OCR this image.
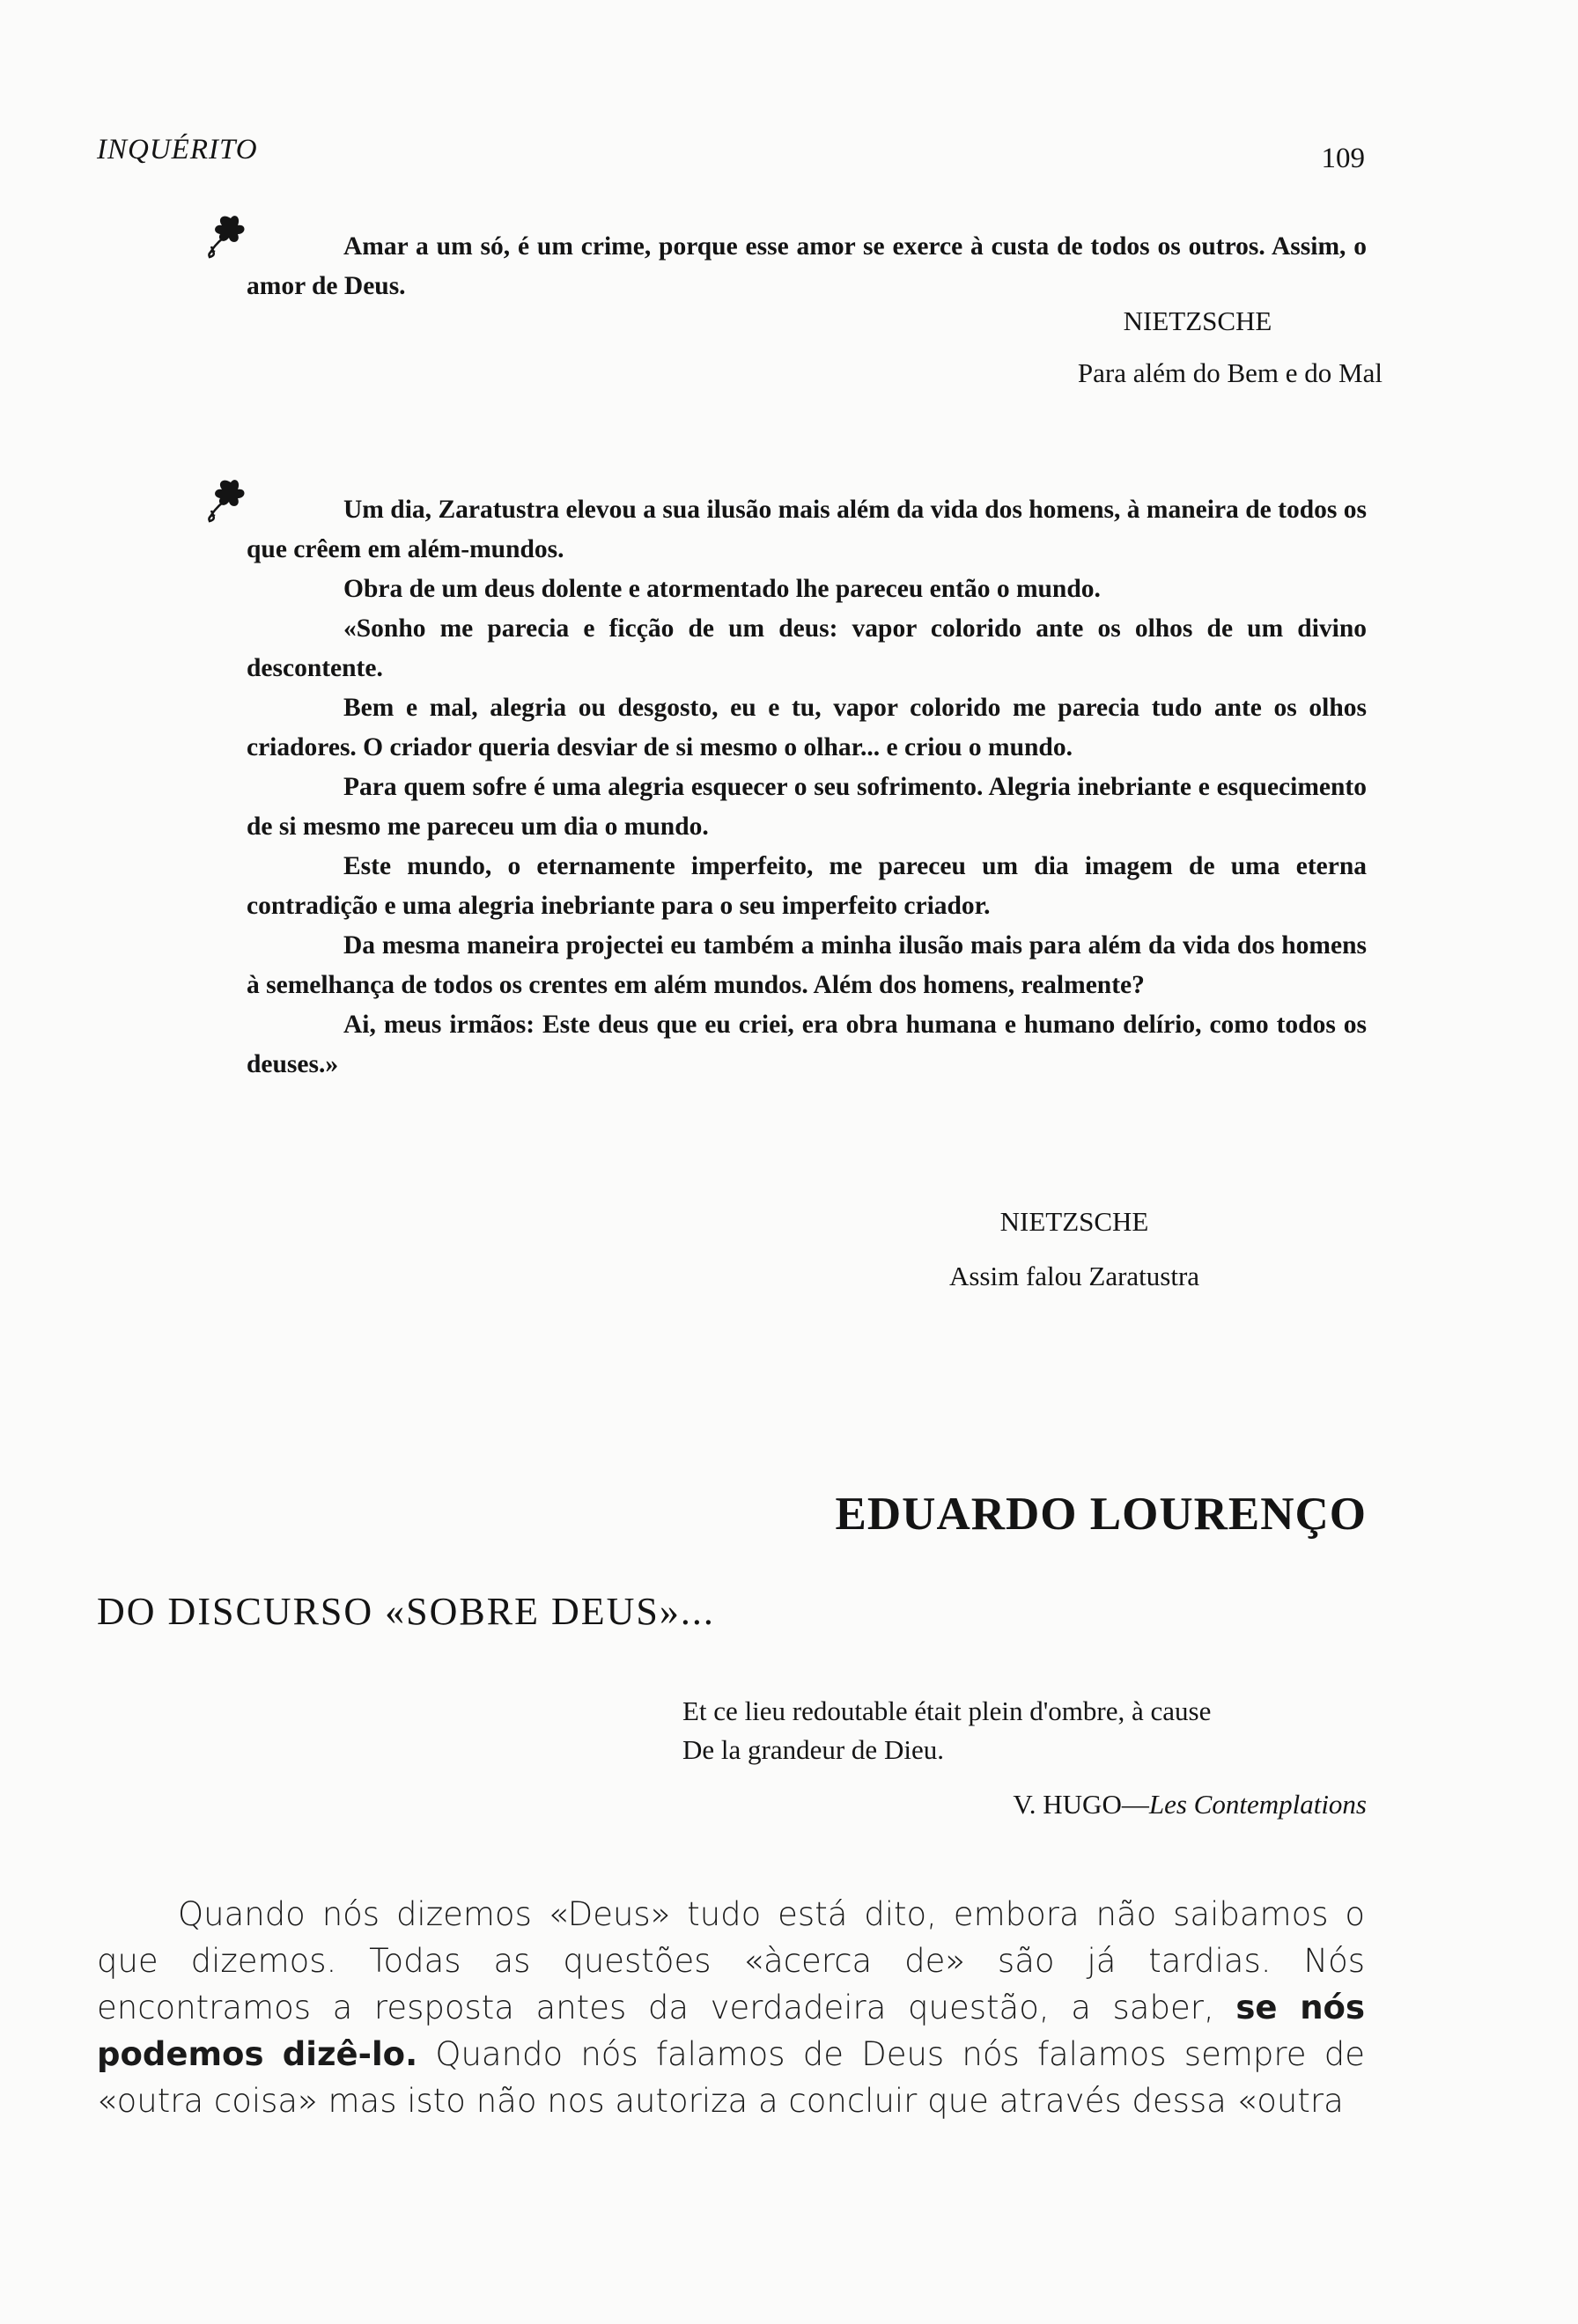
INQUÉRITO	109

Amar a um só, é um crime, porque esse amor se exerce à custa de todos os outros. Assim, o amor de Deus.

NIETZSCHE
Para além do Bem e do Mal

Um dia, Zaratustra elevou a sua ilusão mais além da vida dos homens, à maneira de todos os que crêem em além-mundos.

Obra de um deus dolente e atormentado lhe pareceu então o mundo.

«Sonho me parecia e ficção de um deus: vapor colorido ante os olhos de um divino descontente.

Bem e mal, alegria ou desgosto, eu e tu, vapor colorido me parecia tudo ante os olhos criadores. O criador queria desviar de si mesmo o olhar... e criou o mundo.

Para quem sofre é uma alegria esquecer o seu sofrimento. Alegria inebriante e esquecimento de si mesmo me pareceu um dia o mundo.

Este mundo, o eternamente imperfeito, me pareceu um dia imagem de uma eterna contradição e uma alegria inebriante para o seu imperfeito criador.

Da mesma maneira projectei eu também a minha ilusão mais para além da vida dos homens à semelhança de todos os crentes em além mundos. Além dos homens, realmente?

Ai, meus irmãos: Este deus que eu criei, era obra humana e humano delírio, como todos os deuses.»

NIETZSCHE
Assim falou Zaratustra
EDUARDO LOURENÇO
DO DISCURSO «SOBRE DEUS»...
Et ce lieu redoutable était plein d'ombre, à cause
De la grandeur de Dieu.
V. HUGO—Les Contemplations

Quando nós dizemos «Deus» tudo está dito, embora não saibamos o que dizemos. Todas as questões «àcerca de» são já tardias. Nós encontramos a resposta antes da verdadeira questão, a saber, se nós podemos dizê-lo. Quando nós falamos de Deus nós falamos sempre de «outra coisa» mas isto não nos autoriza a concluir que através dessa «outra
